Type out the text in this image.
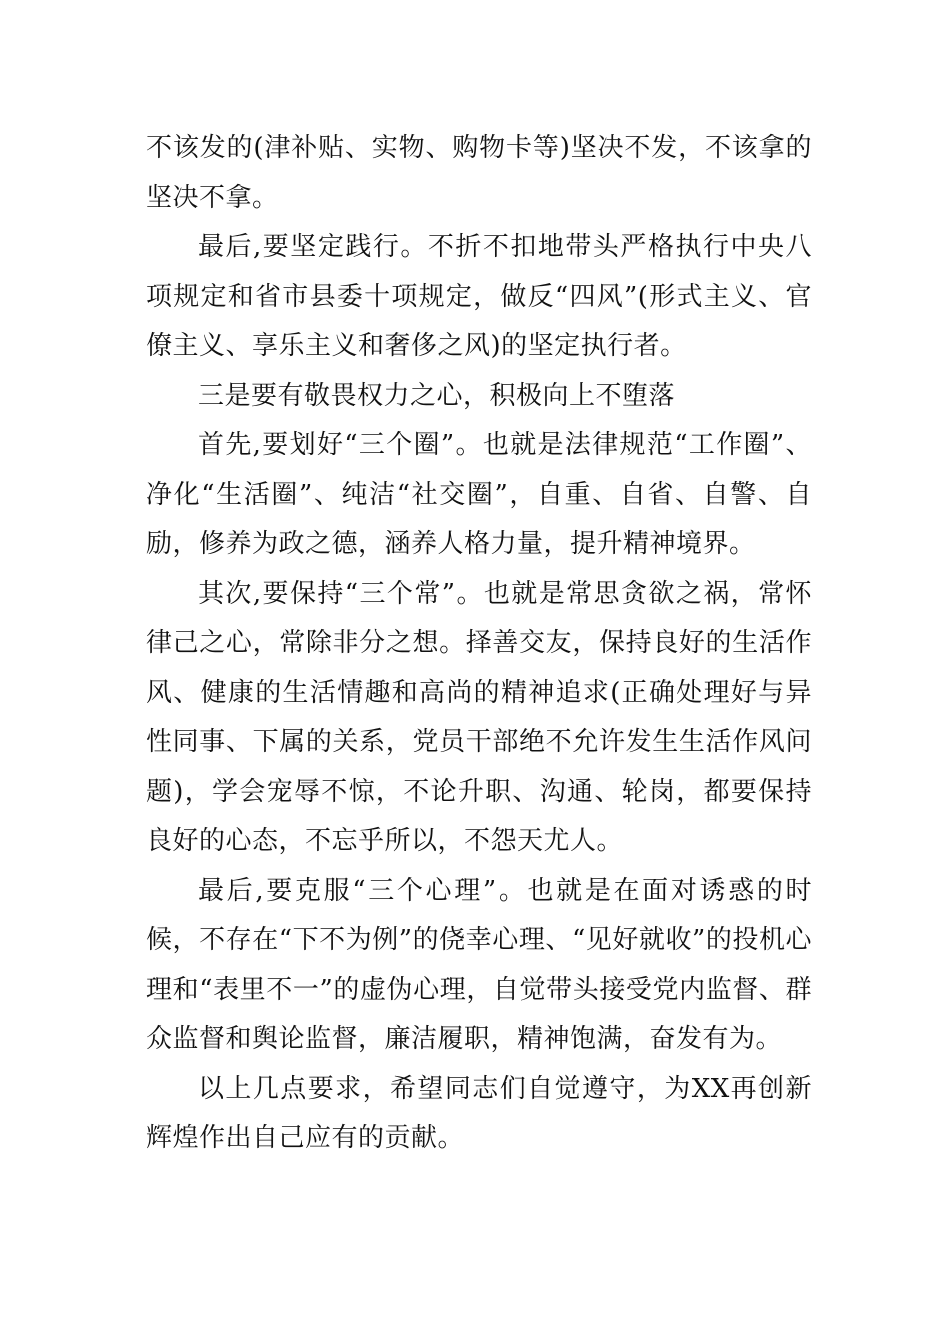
不该发的(津补贴、实物、购物卡等)坚决不发，不该拿的坚决不拿。

最后,要坚定践行。不折不扣地带头严格执行中央八项规定和省市县委十项规定，做反“四风”(形式主义、官僚主义、享乐主义和奢侈之风)的坚定执行者。

三是要有敬畏权力之心，积极向上不堕落

首先,要划好“三个圈”。也就是法律规范“工作圈”、净化“生活圈”、纯洁“社交圈”，自重、自省、自警、自励，修养为政之德，涵养人格力量，提升精神境界。

其次,要保持“三个常”。也就是常思贪欲之祸，常怀律己之心，常除非分之想。择善交友，保持良好的生活作风、健康的生活情趣和高尚的精神追求(正确处理好与异性同事、下属的关系，党员干部绝不允许发生生活作风问题)，学会宠辱不惊，不论升职、沟通、轮岗，都要保持良好的心态，不忘乎所以，不怨天尤人。

最后,要克服“三个心理”。也就是在面对诱惑的时候，不存在“下不为例”的侥幸心理、“见好就收”的投机心理和“表里不一”的虚伪心理，自觉带头接受党内监督、群众监督和舆论监督，廉洁履职，精神饱满，奋发有为。

以上几点要求，希望同志们自觉遵守，为XX再创新辉煌作出自己应有的贡献。
